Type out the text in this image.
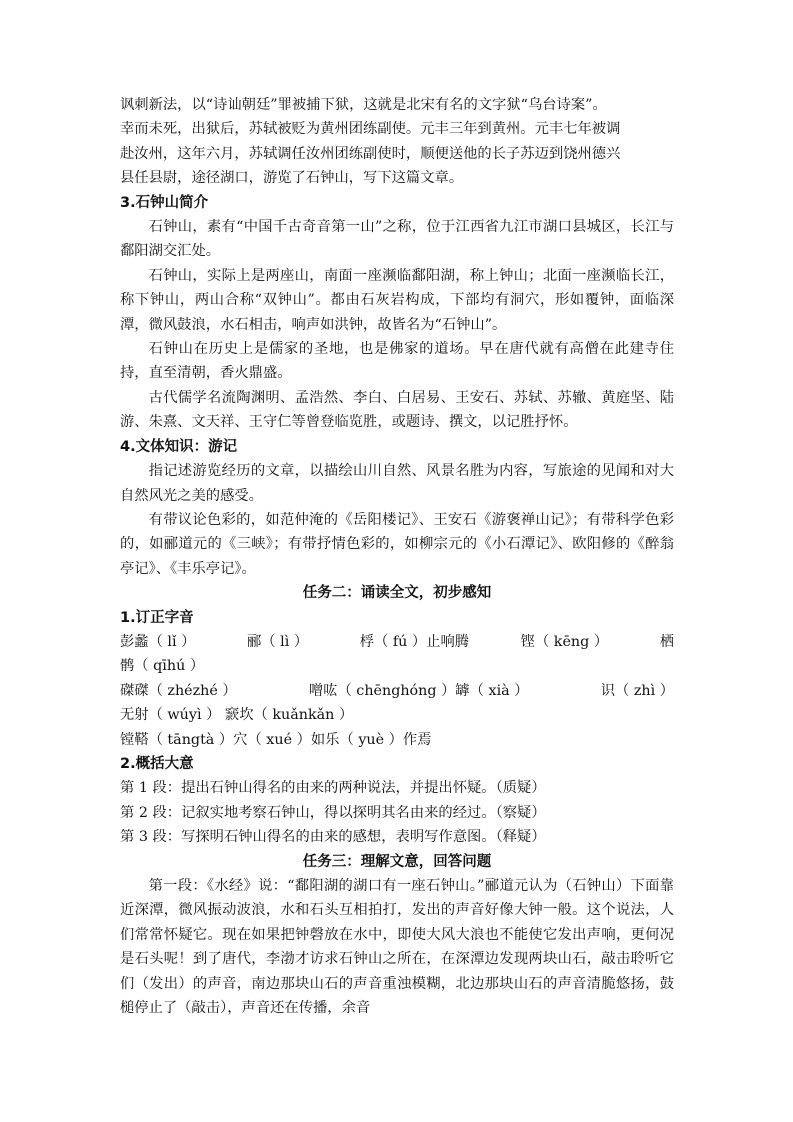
讽刺新法，以“诗讪朝廷”罪被捕下狱，这就是北宋有名的文字狱“乌台诗案”。

幸而未死，出狱后，苏轼被贬为黄州团练副使。元丰三年到黄州。元丰七年被调

赴汝州，这年六月，苏轼调任汝州团练副使时，顺便送他的长子苏迈到饶州德兴

县任县尉，途径湖口，游览了石钟山，写下这篇文章。

3.石钟山简介

石钟山，素有“中国千古奇音第一山”之称，位于江西省九江市湖口县城区，长江与鄱阳湖交汇处。

石钟山，实际上是两座山，南面一座濒临鄱阳湖，称上钟山；北面一座濒临长江，称下钟山，两山合称“双钟山”。都由石灰岩构成，下部均有洞穴，形如覆钟，面临深潭，微风鼓浪，水石相击，响声如洪钟，故皆名为“石钟山”。

石钟山在历史上是儒家的圣地，也是佛家的道场。早在唐代就有高僧在此建寺住持，直至清朝，香火鼎盛。

古代儒学名流陶渊明、孟浩然、李白、白居易、王安石、苏轼、苏辙、黄庭坚、陆游、朱熹、文天祥、王守仁等曾登临览胜，或题诗、撰文，以记胜抒怀。

4.文体知识：游记

指记述游览经历的文章，以描绘山川自然、风景名胜为内容，写旅途的见闻和对大自然风光之美的感受。

有带议论色彩的，如范仲淹的《岳阳楼记》、王安石《游褒禅山记》；有带科学色彩的，如郦道元的《三峡》；有带抒情色彩的，如柳宗元的《小石潭记》、欧阳修的《醉翁亭记》、《丰乐亭记》。

任务二：诵读全文，初步感知

1.订正字音

彭蠡（ lǐ ）	郦（ lì ）	桴（ fú ）止响腾	铿（ kēng ）	栖

鹘（ qīhú ）

磔磔（ zhézhé ）	噌吰（ chēnghóng ）罅（ xià ）	识（ zhì ）

无射（ wúyì ） 窾坎（ kuǎnkǎn ）

镗鞳（ tāngtà ）穴（ xué ）如乐（ yuè ）作焉

2.概括大意

第 1 段：提出石钟山得名的由来的两种说法，并提出怀疑。（质疑）

第 2 段：记叙实地考察石钟山，得以探明其名由来的经过。（察疑）

第 3 段：写探明石钟山得名的由来的感想，表明写作意图。（释疑）

任务三：理解文意，回答问题

第一段：《水经》说：“鄱阳湖的湖口有一座石钟山。”郦道元认为（石钟山）下面靠近深潭，微风振动波浪，水和石头互相拍打，发出的声音好像大钟一般。这个说法，人们常常怀疑它。现在如果把钟磬放在水中，即使大风大浪也不能使它发出声响，更何况是石头呢！到了唐代，李渤才访求石钟山之所在，在深潭边发现两块山石，敲击聆听它们（发出）的声音，南边那块山石的声音重浊模糊，北边那块山石的声音清脆悠扬，鼓槌停止了（敲击），声音还在传播，余音
